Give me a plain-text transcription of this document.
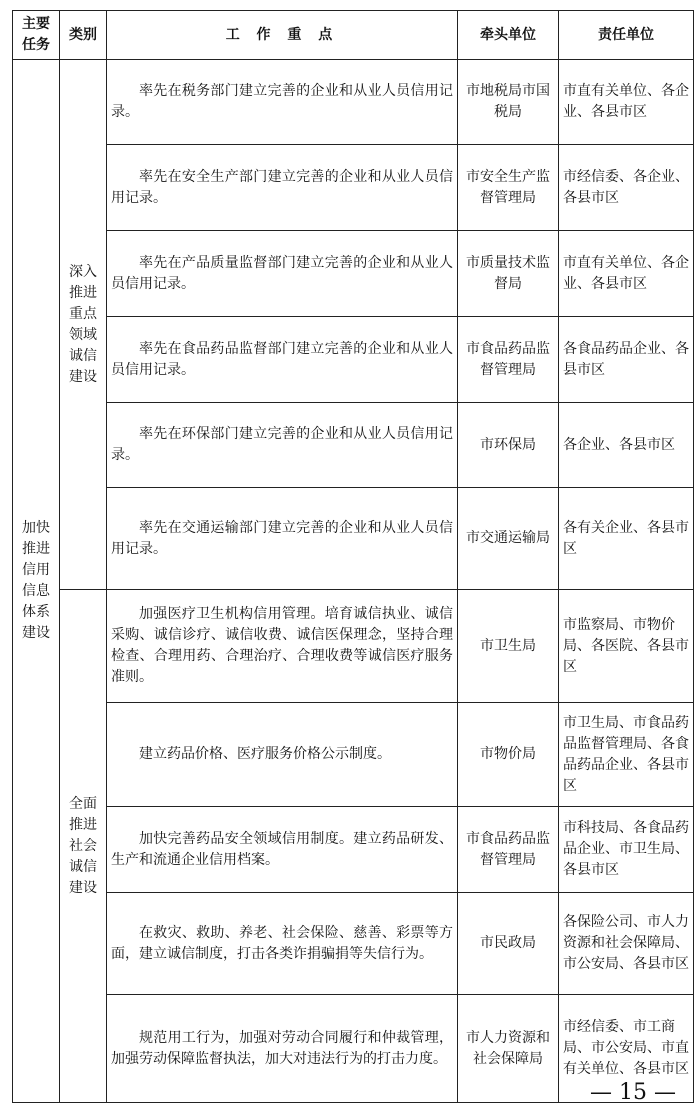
主要任务	类别	工 作 重 点	牵头单位	责任单位
加快推进信用信息体系建设	深入推进重点领域诚信建设	率先在税务部门建立完善的企业和从业人员信用记录。	市地税局市国税局	市直有关单位、各企业、各县市区

		率先在安全生产部门建立完善的企业和从业人员信用记录。	市安全生产监督管理局	市经信委、各企业、各县市区

		率先在产品质量监督部门建立完善的企业和从业人员信用记录。	市质量技术监督局	市直有关单位、各企业、各县市区

		率先在食品药品监督部门建立完善的企业和从业人员信用记录。	市食品药品监督管理局	各食品药品企业、各县市区

		率先在环保部门建立完善的企业和从业人员信用记录。	市环保局	各企业、各县市区

		率先在交通运输部门建立完善的企业和从业人员信用记录。	市交通运输局	各有关企业、各县市区
	全面推进社会诚信建设	加强医疗卫生机构信用管理。培育诚信执业、诚信采购、诚信诊疗、诚信收费、诚信医保理念，坚持合理检查、合理用药、合理治疗、合理收费等诚信医疗服务准则。	市卫生局	市监察局、市物价局、各医院、各县市区

		建立药品价格、医疗服务价格公示制度。	市物价局	市卫生局、市食品药品监督管理局、各食品药品企业、各县市区

		加快完善药品安全领域信用制度。建立药品研发、生产和流通企业信用档案。	市食品药品监督管理局	市科技局、各食品药品企业、市卫生局、各县市区

		在救灾、救助、养老、社会保险、慈善、彩票等方面，建立诚信制度，打击各类诈捐骗捐等失信行为。	市民政局	各保险公司、市人力资源和社会保障局、市公安局、各县市区

		规范用工行为，加强对劳动合同履行和仲裁管理，加强劳动保障监督执法，加大对违法行为的打击力度。	市人力资源和社会保障局	市经信委、市工商局、市公安局、市直有关单位、各县市区
— 15 —
